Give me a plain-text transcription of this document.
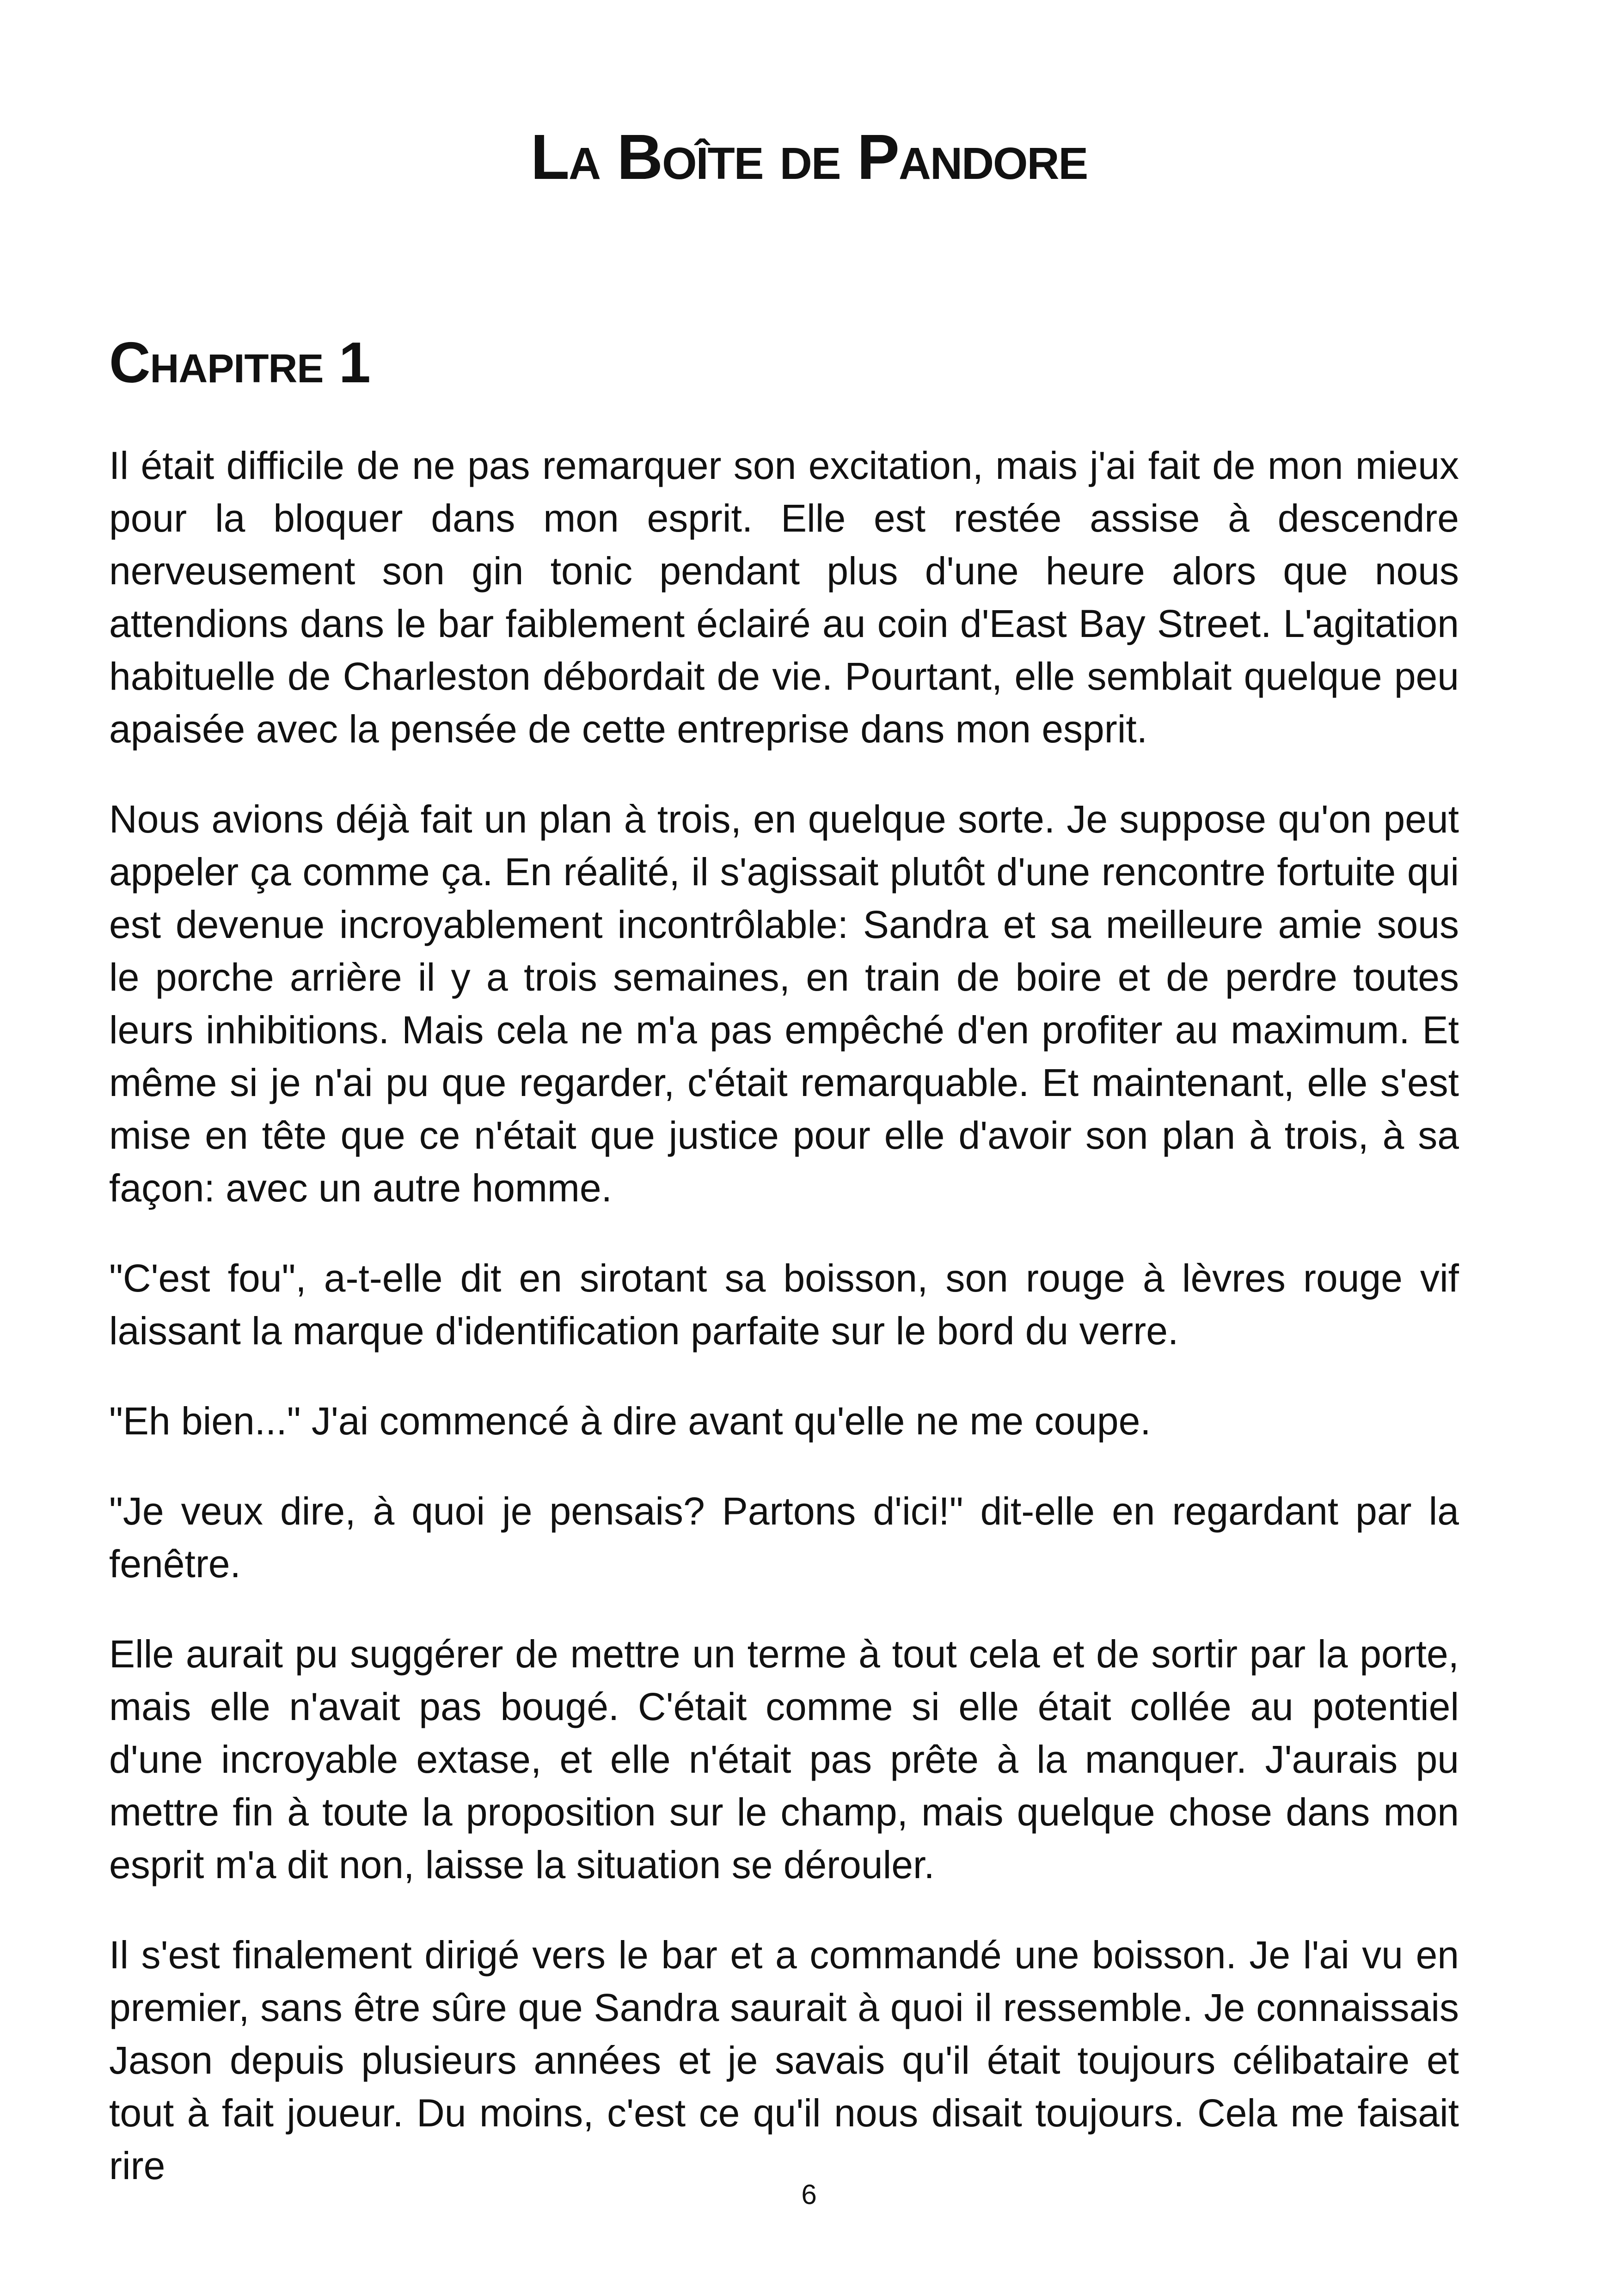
La Boîte de Pandore
Chapitre 1

Il était difficile de ne pas remarquer son excitation, mais j'ai fait de mon mieux pour la bloquer dans mon esprit. Elle est restée assise à descendre nerveusement son gin tonic pendant plus d'une heure alors que nous attendions dans le bar faiblement éclairé au coin d'East Bay Street. L'agitation habituelle de Charleston débordait de vie. Pourtant, elle semblait quelque peu apaisée avec la pensée de cette entreprise dans mon esprit.

Nous avions déjà fait un plan à trois, en quelque sorte. Je suppose qu'on peut appeler ça comme ça. En réalité, il s'agissait plutôt d'une rencontre fortuite qui est devenue incroyablement incontrôlable: Sandra et sa meilleure amie sous le porche arrière il y a trois semaines, en train de boire et de perdre toutes leurs inhibitions. Mais cela ne m'a pas empêché d'en profiter au maximum. Et même si je n'ai pu que regarder, c'était remarquable. Et maintenant, elle s'est mise en tête que ce n'était que justice pour elle d'avoir son plan à trois, à sa façon: avec un autre homme.

"C'est fou", a-t-elle dit en sirotant sa boisson, son rouge à lèvres rouge vif laissant la marque d'identification parfaite sur le bord du verre.

"Eh bien..." J'ai commencé à dire avant qu'elle ne me coupe.

"Je veux dire, à quoi je pensais? Partons d'ici!" dit-elle en regardant par la fenêtre.

Elle aurait pu suggérer de mettre un terme à tout cela et de sortir par la porte, mais elle n'avait pas bougé. C'était comme si elle était collée au potentiel d'une incroyable extase, et elle n'était pas prête à la manquer. J'aurais pu mettre fin à toute la proposition sur le champ, mais quelque chose dans mon esprit m'a dit non, laisse la situation se dérouler.

Il s'est finalement dirigé vers le bar et a commandé une boisson. Je l'ai vu en premier, sans être sûre que Sandra saurait à quoi il ressemble. Je connaissais Jason depuis plusieurs années et je savais qu'il était toujours célibataire et tout à fait joueur. Du moins, c'est ce qu'il nous disait toujours. Cela me faisait rire

6
